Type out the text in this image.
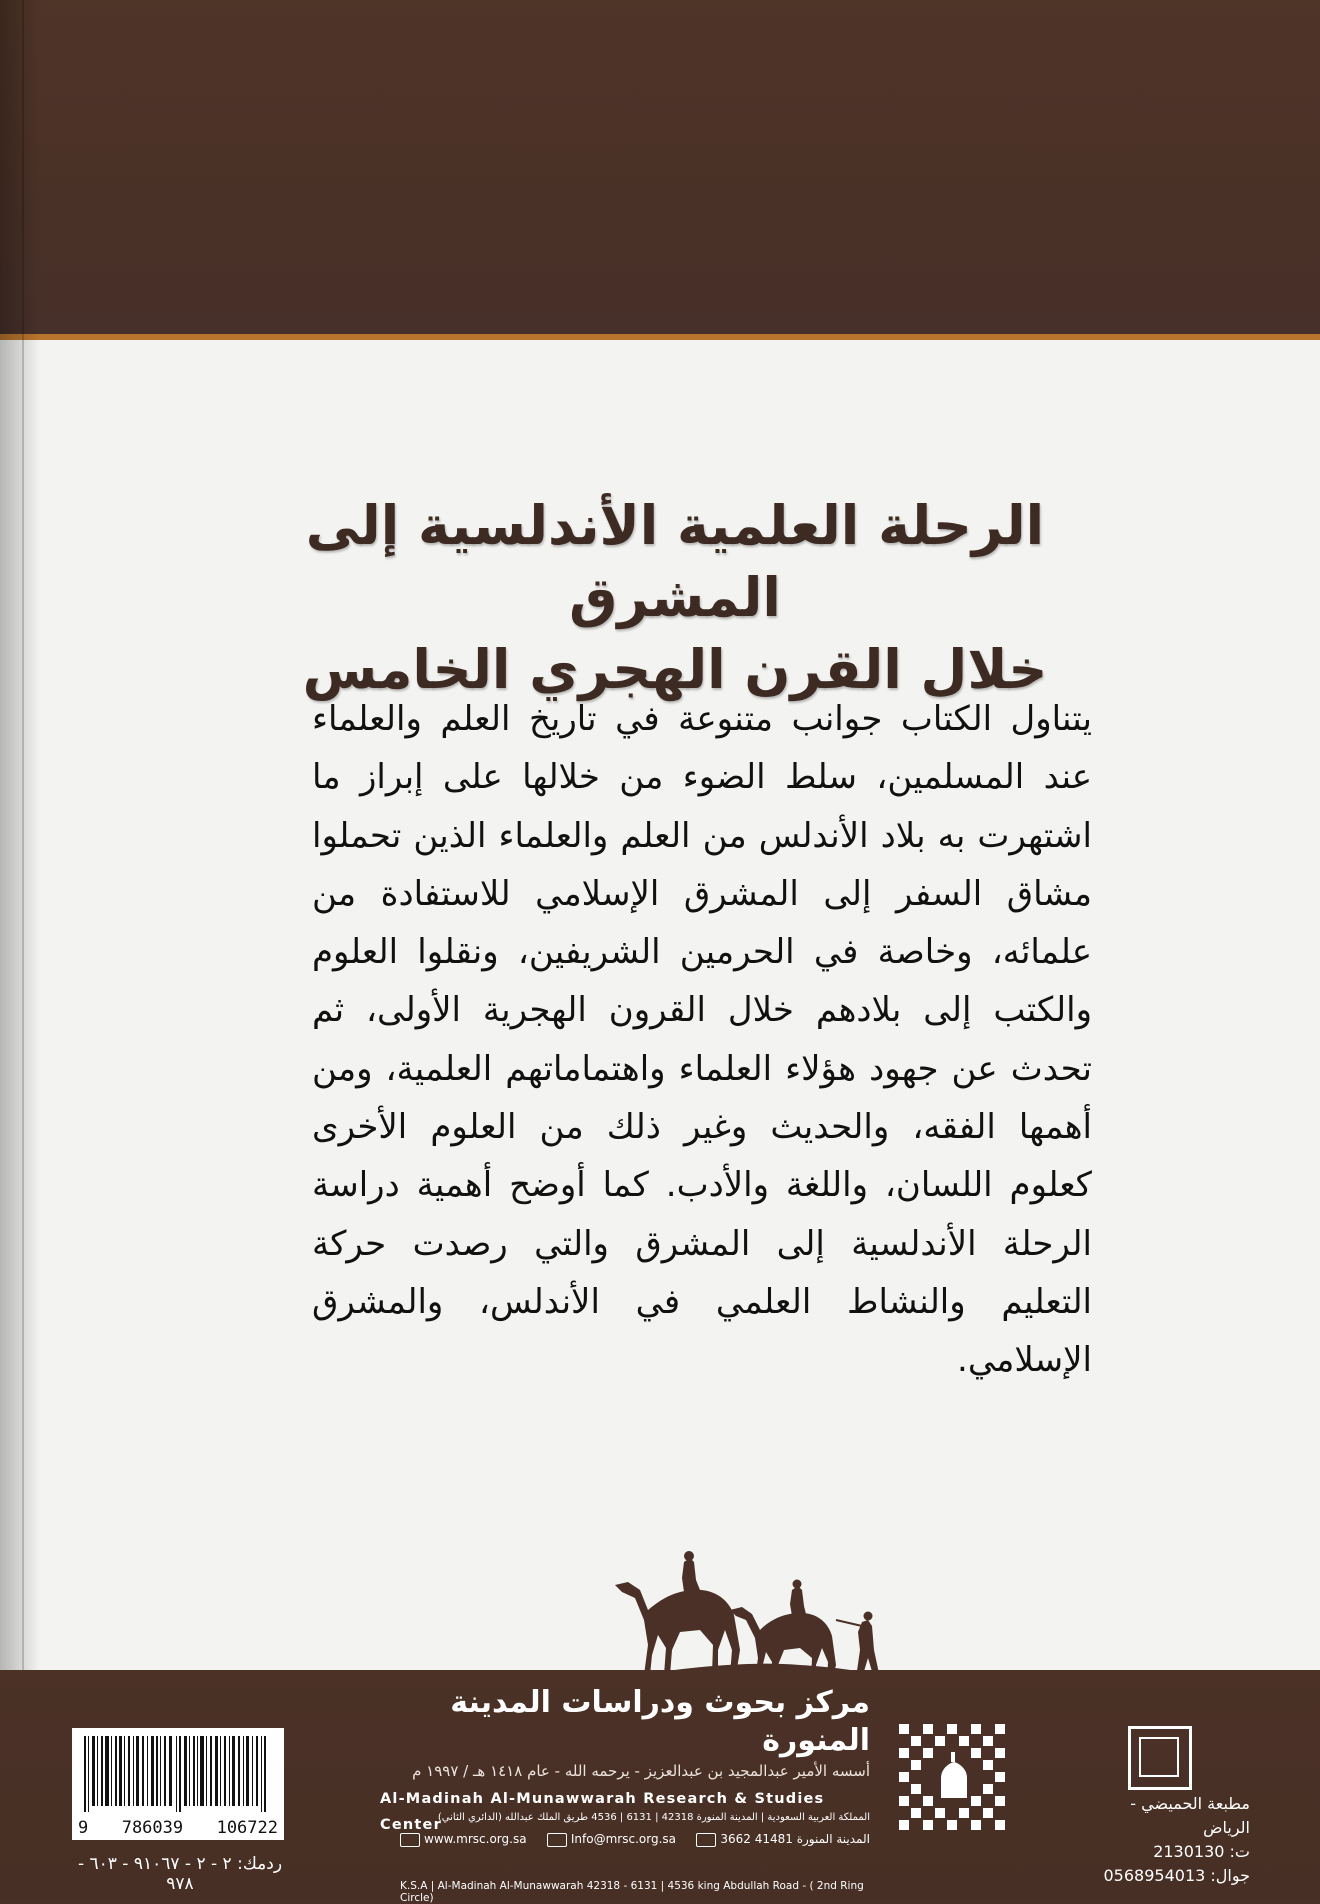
الرحلة العلمية الأندلسية إلى المشرق
خلال القرن الهجري الخامس
يتناول الكتاب جوانب متنوعة في تاريخ العلم والعلماء عند المسلمين، سلط الضوء من خلالها على إبراز ما اشتهرت به بلاد الأندلس من العلم والعلماء الذين تحملوا مشاق السفر إلى المشرق الإسلامي للاستفادة من علمائه، وخاصة في الحرمين الشريفين، ونقلوا العلوم والكتب إلى بلادهم خلال القرون الهجرية الأولى، ثم تحدث عن جهود هؤلاء العلماء واهتماماتهم العلمية، ومن أهمها الفقه، والحديث وغير ذلك من العلوم الأخرى كعلوم اللسان، واللغة والأدب. كما أوضح أهمية دراسة الرحلة الأندلسية إلى المشرق والتي رصدت حركة التعليم والنشاط العلمي في الأندلس، والمشرق الإسلامي.
9 786039 106722
ردمك: ٢ - ٢ - ٩١٠٦٧ - ٦٠٣ - ٩٧٨
مركز بحوث ودراسات المدينة المنورة
أسسه الأمير عبدالمجيد بن عبدالعزيز - يرحمه الله - عام ١٤١٨ هـ / ١٩٩٧ م
Al-Madinah Al-Munawwarah Research & Studies Center
المملكة العربية السعودية | المدينة المنورة 42318 | 6131 | 4536 طريق الملك عبدالله (الدائري الثاني)
www.mrsc.org.sa	Info@mrsc.org.sa	3662 المدينة المنورة 41481
K.S.A | Al-Madinah Al-Munawwarah 42318 - 6131 | 4536 king Abdullah Road - ( 2nd Ring Circle)
مطبعة الحميضي - الرياض
ت: 2130130
جوال: 0568954013
